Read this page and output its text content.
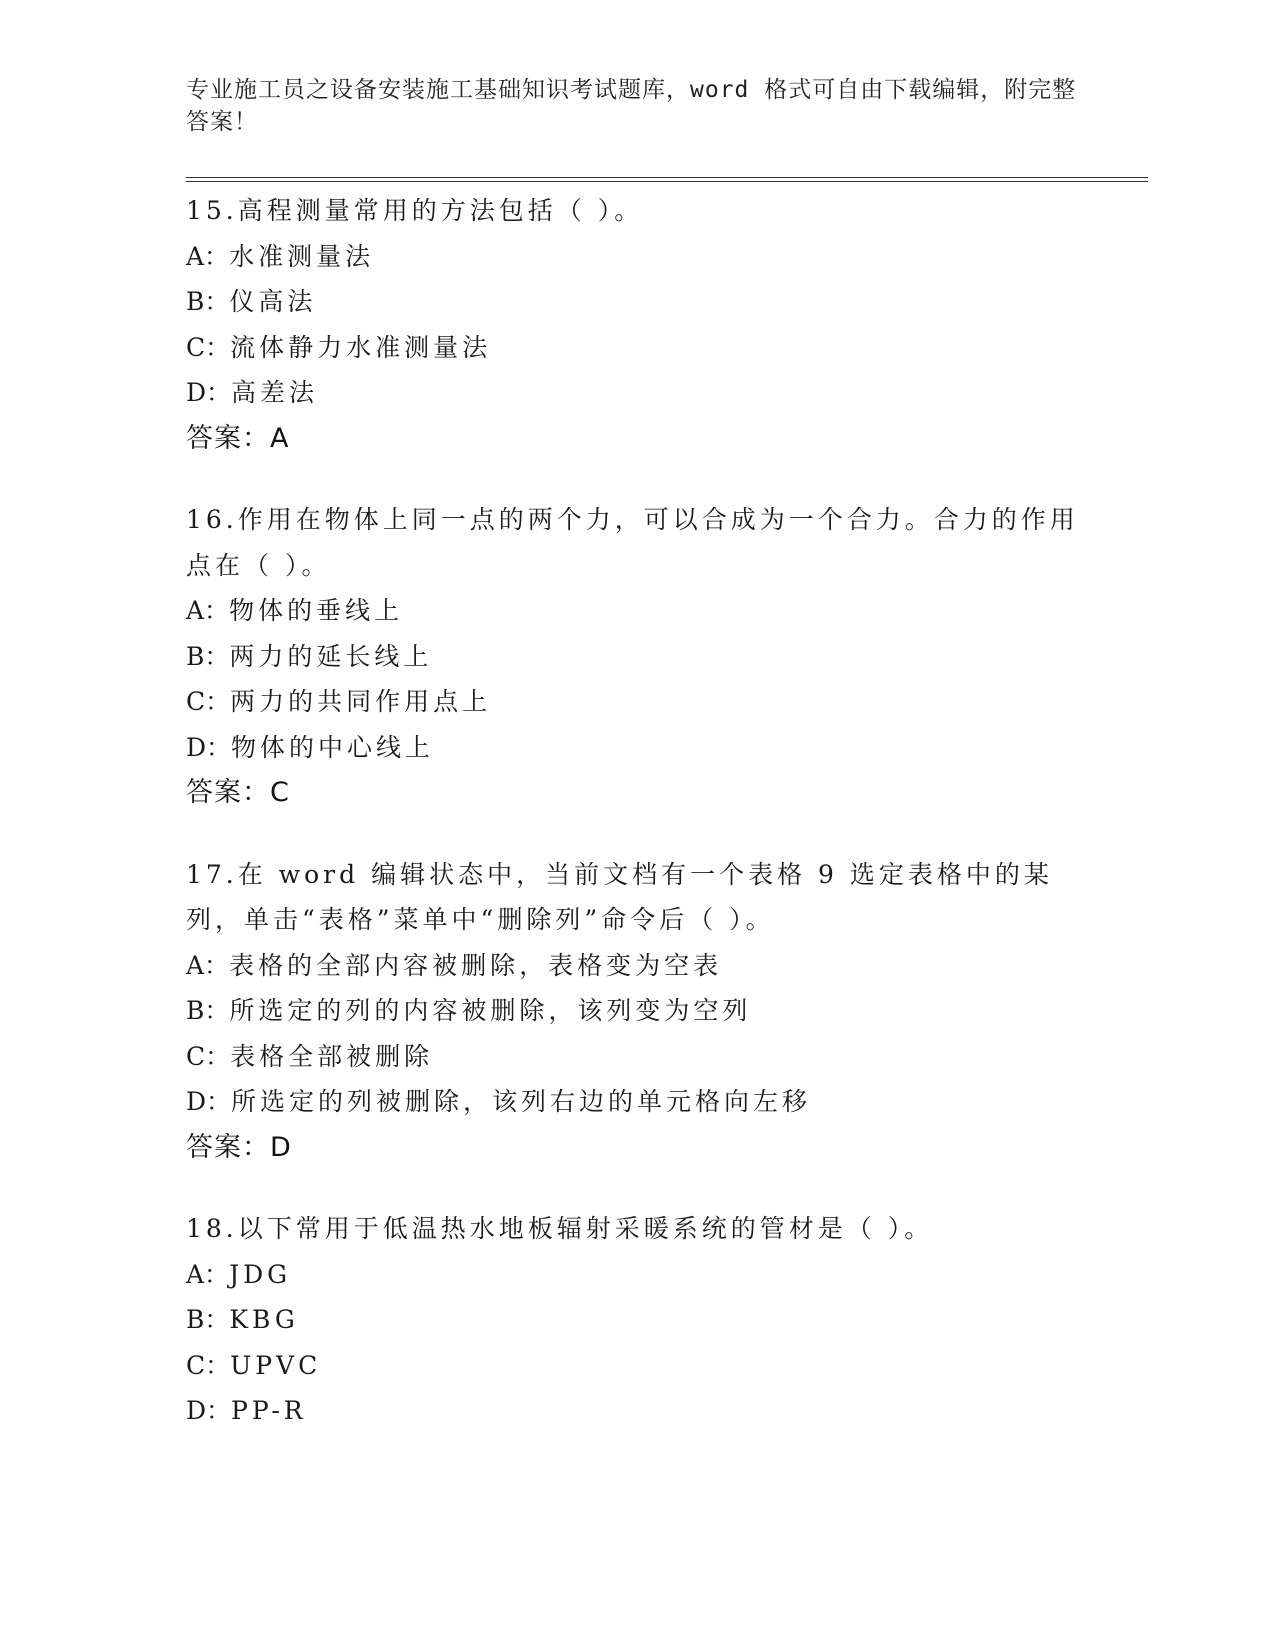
专业施工员之设备安装施工基础知识考试题库，word 格式可自由下载编辑，附完整答案！

15.高程测量常用的方法包括（ ）。

A：水准测量法

B：仪高法

C：流体静力水准测量法

D：高差法

答案：A

16.作用在物体上同一点的两个力，可以合成为一个合力。合力的作用点在（ ）。

A：物体的垂线上

B：两力的延长线上

C：两力的共同作用点上

D：物体的中心线上

答案：C

17.在 word 编辑状态中，当前文档有一个表格 9 选定表格中的某列，单击“表格”菜单中“删除列”命令后（ ）。

A：表格的全部内容被删除，表格变为空表

B：所选定的列的内容被删除，该列变为空列

C：表格全部被删除

D：所选定的列被删除，该列右边的单元格向左移

答案：D

18.以下常用于低温热水地板辐射采暖系统的管材是（ ）。

A：JDG

B：KBG

C：UPVC

D：PP-R
